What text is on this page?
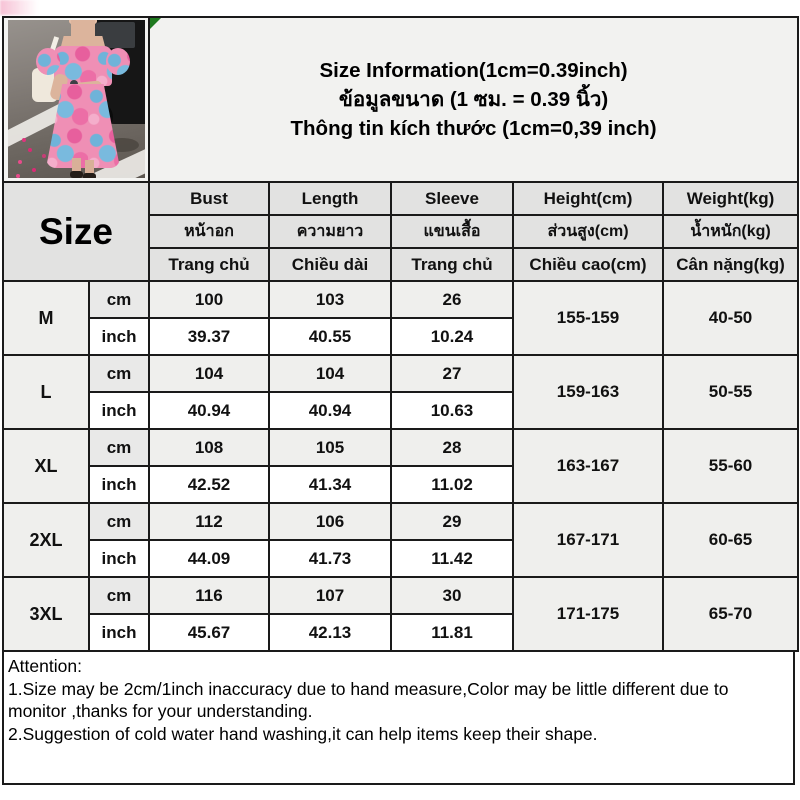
		Size Information(1cm=0.39inch)
ข้อมูลขนาด (1 ซม. = 0.39 นิ้ว)
Thông tin kích thước (1cm=0,39 inch)				

Size		Bust	Length	Sleeve	Height(cm)	Weight(kg)
		หน้าอก	ความยาว	แขนเสื้อ	ส่วนสูง(cm)	น้ำหนัก(kg)
		Trang chủ	Chiều dài	Trang chủ	Chiều cao(cm)	Cân nặng(kg)
M	cm	100	103	26	155-159	40-50
	inch	39.37	40.55	10.24		
L	cm	104	104	27	159-163	50-55
	inch	40.94	40.94	10.63		
XL	cm	108	105	28	163-167	55-60
	inch	42.52	41.34	11.02		
2XL	cm	112	106	29	167-171	60-65
	inch	44.09	41.73	11.42		
3XL	cm	116	107	30	171-175	65-70
	inch	45.67	42.13	11.81		
Attention:
1.Size may be 2cm/1inch inaccuracy due to hand measure,Color may be little different due to monitor ,thanks for your understanding.
2.Suggestion of cold water hand washing,it can help items keep their shape.
